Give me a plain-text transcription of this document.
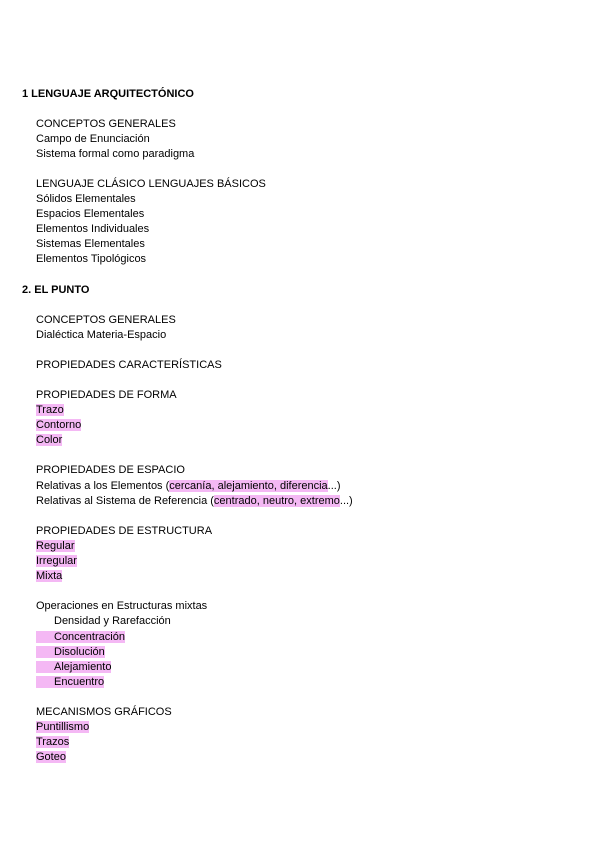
1 LENGUAJE ARQUITECTÓNICO
CONCEPTOS GENERALES
Campo de Enunciación
Sistema formal como paradigma
LENGUAJE CLÁSICO LENGUAJES BÁSICOS
Sólidos Elementales
Espacios Elementales
Elementos Individuales
Sistemas Elementales
Elementos Tipológicos
2. EL PUNTO
CONCEPTOS GENERALES
Dialéctica Materia-Espacio
PROPIEDADES CARACTERÍSTICAS
PROPIEDADES DE FORMA
Trazo
Contorno
Color
PROPIEDADES DE ESPACIO
Relativas a los Elementos (cercanía, alejamiento, diferencia...)
Relativas al Sistema de Referencia (centrado, neutro, extremo...)
PROPIEDADES DE ESTRUCTURA
Regular
Irregular
Mixta
Operaciones en Estructuras mixtas
Densidad y Rarefacción
Concentración
Disolución
Alejamiento
Encuentro
MECANISMOS GRÁFICOS
Puntillismo
Trazos
Goteo
